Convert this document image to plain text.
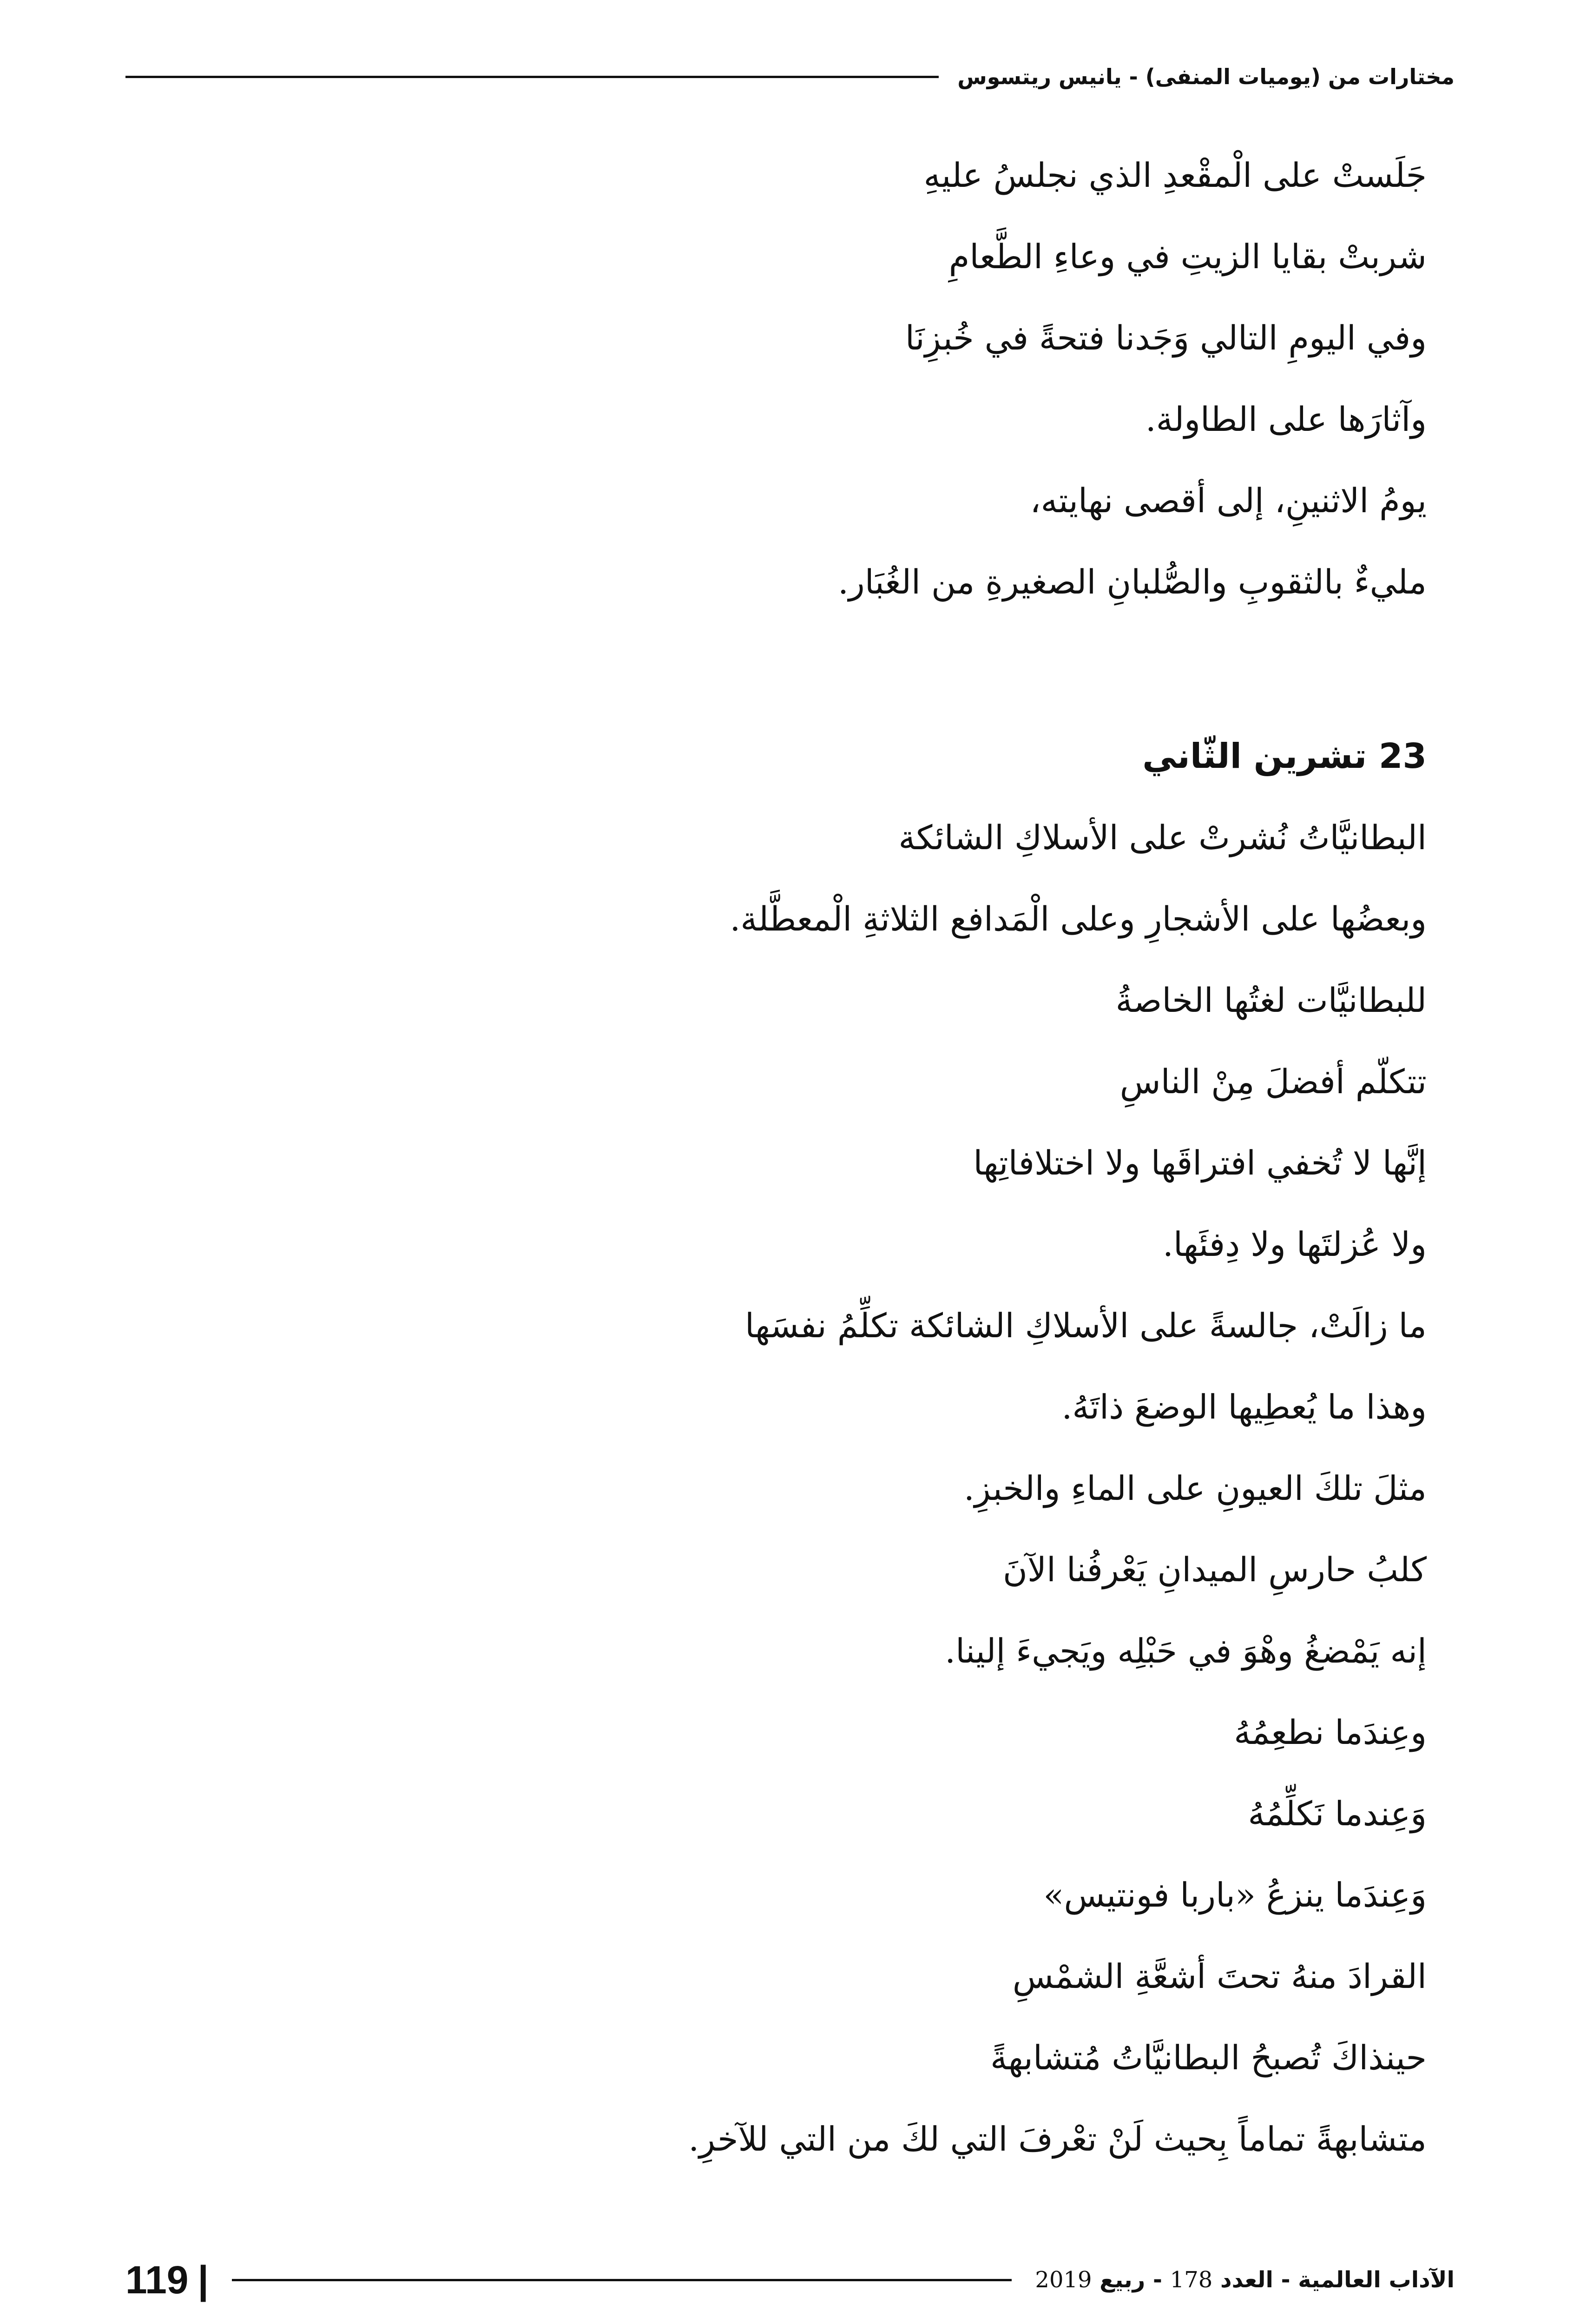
مختارات من (يوميات المنفى) - يانيس ريتسوس
جَلَستْ على الْمقْعدِ الذي نجلسُ عليهِ
شربتْ بقايا الزيتِ في وعاءِ الطَّعامِ
وفي اليومِ التالي وَجَدنا فتحةً في خُبزِنَا
وآثارَها على الطاولة.
يومُ الاثنينِ، إلى أقصى نهايته،
مليءٌ بالثقوبِ والصُّلبانِ الصغيرةِ من الغُبَار.
23 تشرين الثّاني
البطانيَّاتُ نُشرتْ على الأسلاكِ الشائكة
وبعضُها على الأشجارِ وعلى الْمَدافع الثلاثةِ الْمعطَّلة.
للبطانيَّات لغتُها الخاصةُ
تتكلّم أفضلَ مِنْ الناسِ
إنَّها لا تُخفي افتراقَها ولا اختلافاتِها
ولا عُزلتَها ولا دِفئَها.
ما زالَتْ، جالسةً على الأسلاكِ الشائكة تكلِّمُ نفسَها
وهذا ما يُعطِيها الوضعَ ذاتَهُ.
مثلَ تلكَ العيونِ على الماءِ والخبزِ.
كلبُ حارسِ الميدانِ يَعْرفُنا الآنَ
إنه يَمْضغُ وهْوَ في حَبْلِه ويَجيءَ إلينا.
وعِندَما نطعِمُهُ
وَعِندما نَكلِّمُهُ
وَعِندَما ينزعُ «باربا فونتيس»
القرادَ منهُ تحتَ أشعَّةِ الشمْسِ
حينذاكَ تُصبحُ البطانيَّاتُ مُتشابهةً
متشابهةً تماماً بِحيث لَنْ تعْرفَ التي لكَ من التي للآخرِ.
الآداب العالمية - العدد 178 - ربيع 2019
119 |
